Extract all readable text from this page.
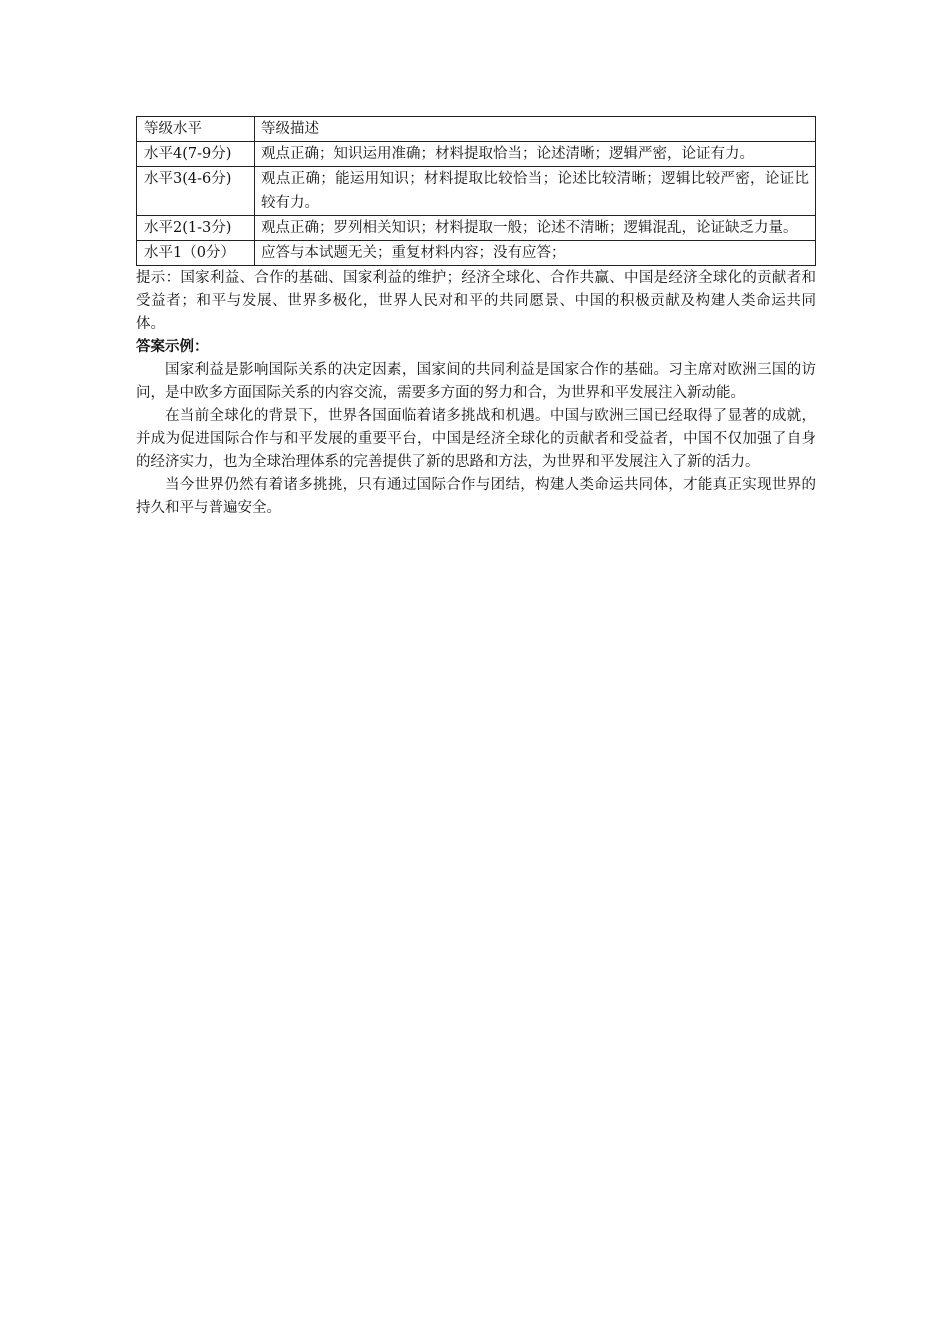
等级水平	等级描述
水平4(7-9分)	观点正确；知识运用准确；材料提取恰当；论述清晰；逻辑严密，论证有力。
水平3(4-6分)	观点正确；能运用知识；材料提取比较恰当；论述比较清晰；逻辑比较严密，论证比较有力。
水平2(1-3分)	观点正确；罗列相关知识；材料提取一般；论述不清晰；逻辑混乱，论证缺乏力量。
水平1（0分）	应答与本试题无关；重复材料内容；没有应答；

提示：国家利益、合作的基础、国家利益的维护；经济全球化、合作共赢、中国是经济全球化的贡献者和受益者；和平与发展、世界多极化，世界人民对和平的共同愿景、中国的积极贡献及构建人类命运共同体。

答案示例：

国家利益是影响国际关系的决定因素，国家间的共同利益是国家合作的基础。习主席对欧洲三国的访问，是中欧多方面国际关系的内容交流，需要多方面的努力和合，为世界和平发展注入新动能。

在当前全球化的背景下，世界各国面临着诸多挑战和机遇。中国与欧洲三国已经取得了显著的成就，并成为促进国际合作与和平发展的重要平台，中国是经济全球化的贡献者和受益者，中国不仅加强了自身的经济实力，也为全球治理体系的完善提供了新的思路和方法，为世界和平发展注入了新的活力。

当今世界仍然有着诸多挑挑，只有通过国际合作与团结，构建人类命运共同体，才能真正实现世界的持久和平与普遍安全。
